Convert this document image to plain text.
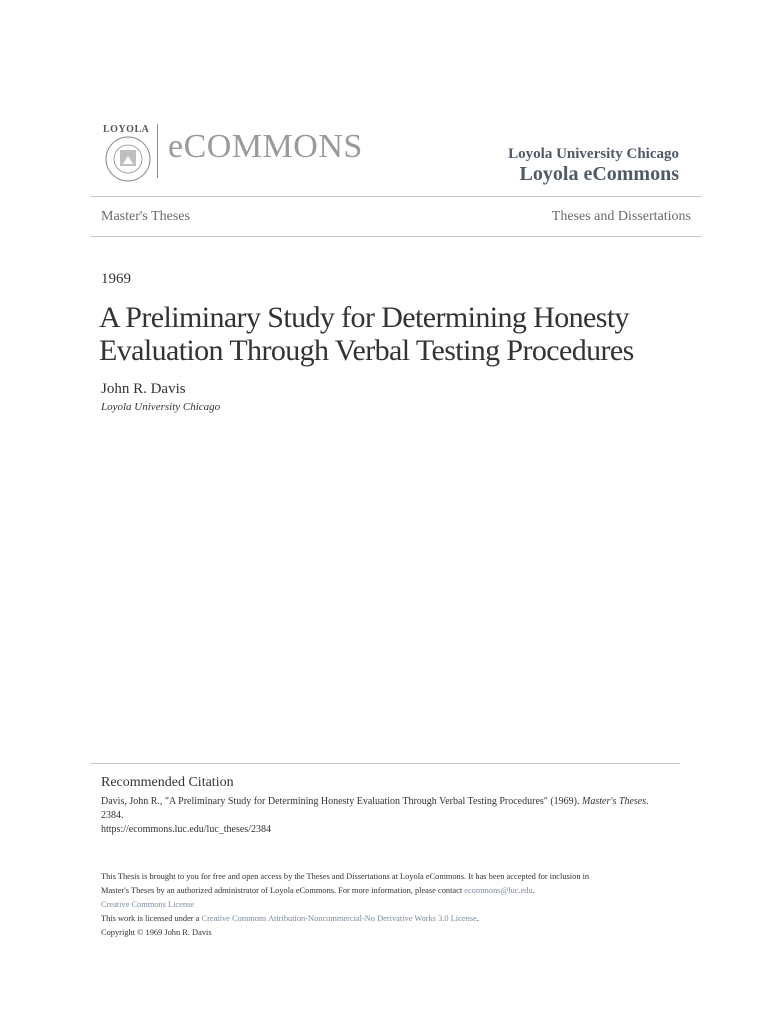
LOYOLA eCOMMONS	Loyola University Chicago
Loyola eCommons
Master's Theses	Theses and Dissertations
1969
A Preliminary Study for Determining Honesty
Evaluation Through Verbal Testing Procedures
John R. Davis
Loyola University Chicago
Recommended Citation
Davis, John R., "A Preliminary Study for Determining Honesty Evaluation Through Verbal Testing Procedures" (1969). Master's Theses.
2384.
https://ecommons.luc.edu/luc_theses/2384
This Thesis is brought to you for free and open access by the Theses and Dissertations at Loyola eCommons. It has been accepted for inclusion in
Master's Theses by an authorized administrator of Loyola eCommons. For more information, please contact ecommons@luc.edu.
Creative Commons License
This work is licensed under a Creative Commons Attribution-Noncommercial-No Derivative Works 3.0 License.
Copyright © 1969 John R. Davis
